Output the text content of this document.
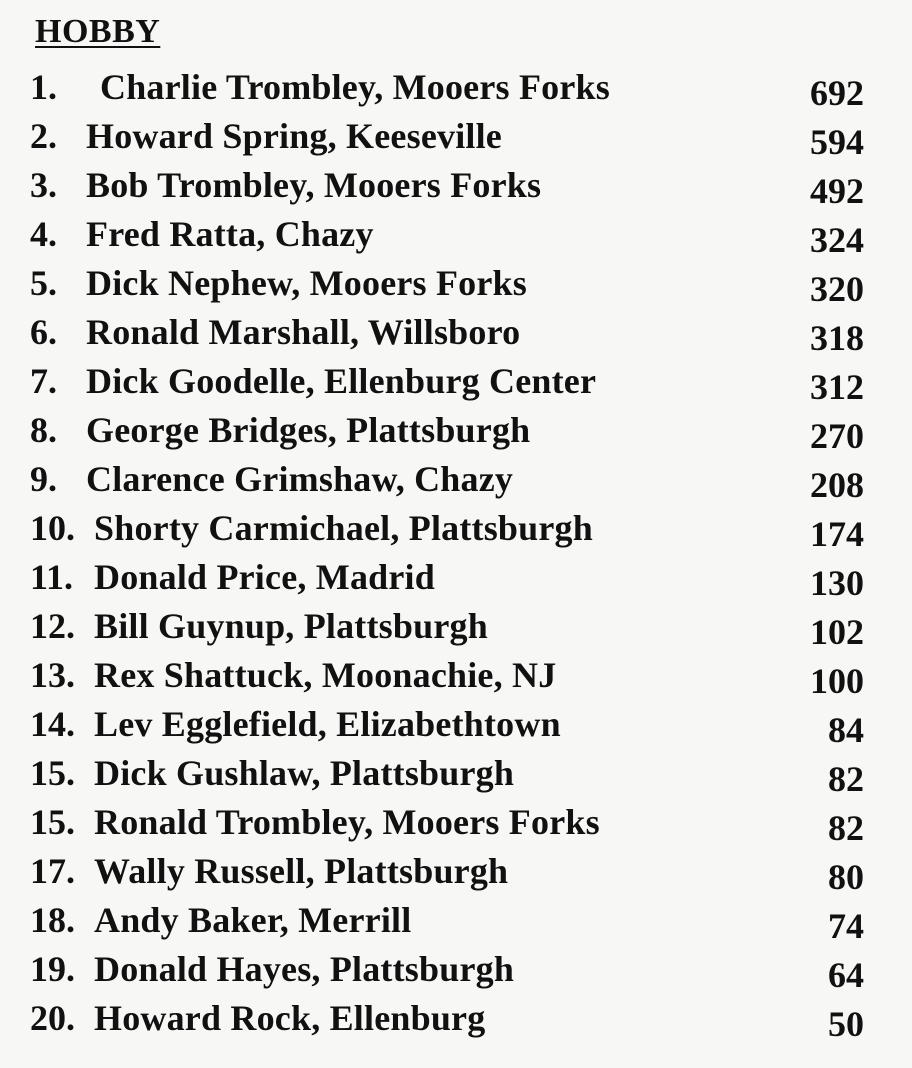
HOBBY
1.	Charlie Trombley, Mooers Forks	692
2. Howard Spring, Keeseville	594
3. Bob Trombley, Mooers Forks	492
4. Fred Ratta, Chazy	324
5. Dick Nephew, Mooers Forks	320
6. Ronald Marshall, Willsboro	318
7. Dick Goodelle, Ellenburg Center	312
8. George Bridges, Plattsburgh	270
9. Clarence Grimshaw, Chazy	208
10. Shorty Carmichael, Plattsburgh	174
11. Donald Price, Madrid	130
12. Bill Guynup, Plattsburgh	102
13. Rex Shattuck, Moonachie, NJ	100
14. Lev Egglefield, Elizabethtown	84
15. Dick Gushlaw, Plattsburgh	82
15. Ronald Trombley, Mooers Forks	82
17. Wally Russell, Plattsburgh	80
18. Andy Baker, Merrill	74
19. Donald Hayes, Plattsburgh	64
20. Howard Rock, Ellenburg	50
